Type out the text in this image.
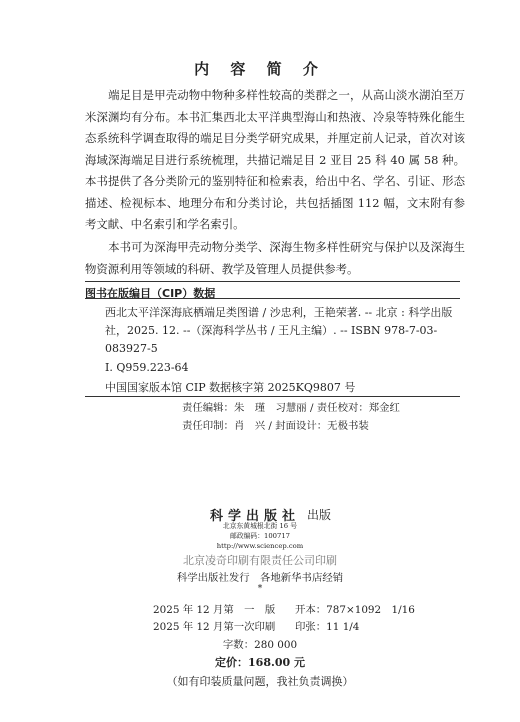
内 容 简 介
端足目是甲壳动物中物种多样性较高的类群之一，从高山淡水湖泊至万米深渊均有分布。本书汇集西北太平洋典型海山和热液、冷泉等特殊化能生态系统科学调查取得的端足目分类学研究成果，并厘定前人记录，首次对该海域深海端足目进行系统梳理，共描记端足目 2 亚目 25 科 40 属 58 种。本书提供了各分类阶元的鉴别特征和检索表，给出中名、学名、引证、形态描述、检视标本、地理分布和分类讨论，共包括插图 112 幅，文末附有参考文献、中名索引和学名索引。
本书可为深海甲壳动物分类学、深海生物多样性研究与保护以及深海生物资源利用等领域的科研、教学及管理人员提供参考。
图书在版编目（CIP）数据
西北太平洋深海底栖端足类图谱 / 沙忠利，王艳荣著. -- 北京 : 科学出版社，2025. 12. --（深海科学丛书 / 王凡主编）. -- ISBN 978-7-03-083927-5
Ⅰ. Q959.223-64
中国国家版本馆 CIP 数据核字第 2025KQ9807 号
责任编辑：朱　瑾　习慧丽 / 责任校对：郑金红
责任印制：肖　兴 / 封面设计：无极书装
科学出版社 出版
北京东黄城根北街 16 号
邮政编码：100717
http://www.sciencep.com
北京凌奇印刷有限责任公司印刷
科学出版社发行　各地新华书店经销
*
2025 年 12 月第　一　版 开本：787×1092　1/16
2025 年 12 月第一次印刷 印张：11 1/4
字数：280 000
定价：168.00 元
（如有印装质量问题，我社负责调换）
